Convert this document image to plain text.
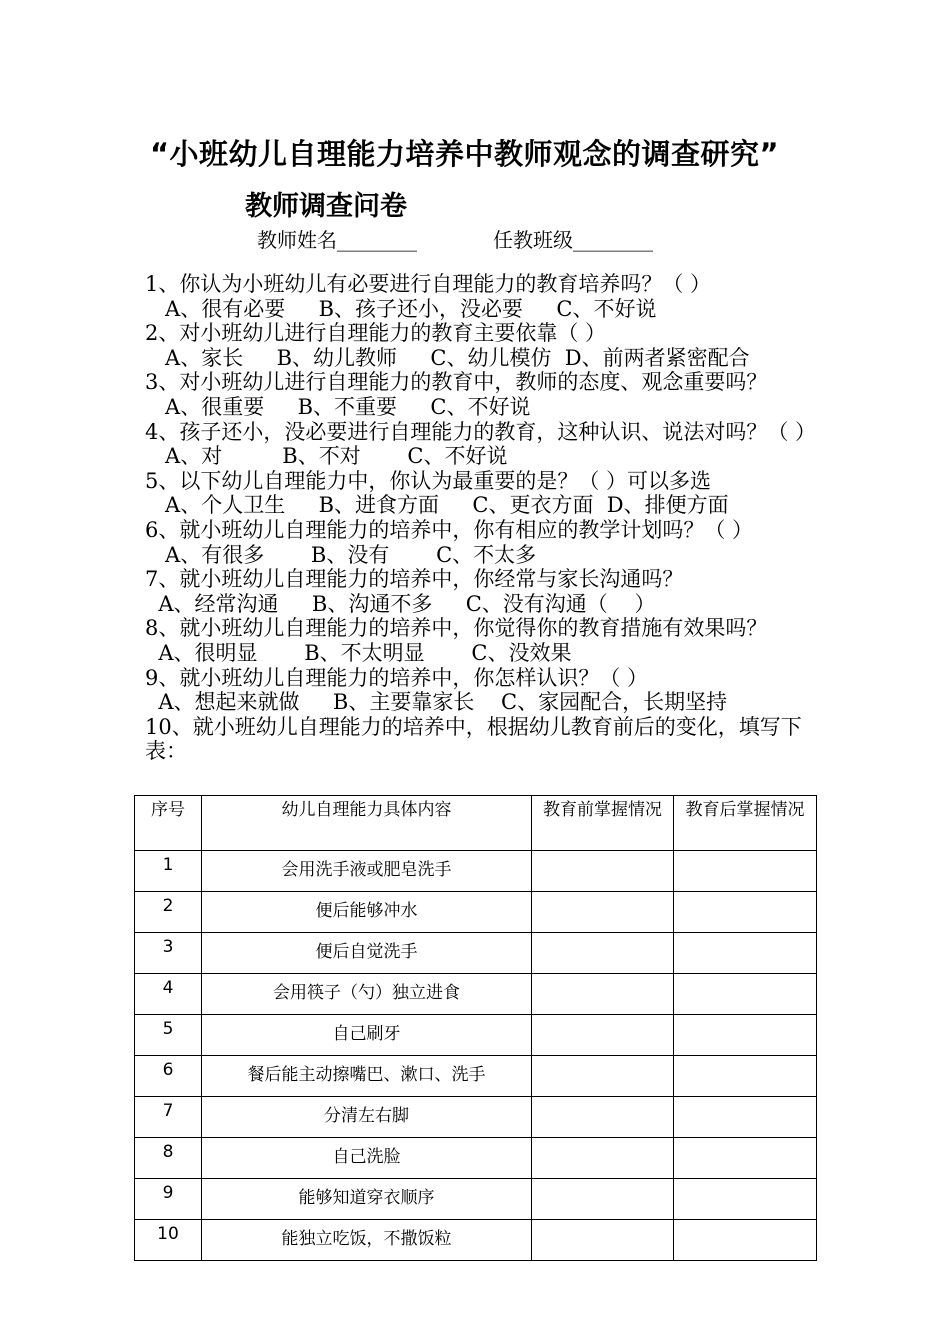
“小班幼儿自理能力培养中教师观念的调查研究”
教师调查问卷
教师姓名________	任教班级________
1、你认为小班幼儿有必要进行自理能力的教育培养吗？（ ）
A、很有必要     B、孩子还小，没必要     C、不好说
2、对小班幼儿进行自理能力的教育主要依靠（ ）
A、家长     B、幼儿教师     C、幼儿模仿  D、前两者紧密配合
3、对小班幼儿进行自理能力的教育中，教师的态度、观念重要吗？
A、很重要     B、不重要     C、不好说
4、孩子还小，没必要进行自理能力的教育，这种认识、说法对吗？（ ）
A、对         B、不对       C、不好说
5、以下幼儿自理能力中，你认为最重要的是？（ ）可以多选
A、个人卫生     B、进食方面     C、更衣方面  D、排便方面
6、就小班幼儿自理能力的培养中，你有相应的教学计划吗？（ ）
A、有很多       B、没有       C、不太多
7、就小班幼儿自理能力的培养中，你经常与家长沟通吗？
A、经常沟通     B、沟通不多     C、没有沟通（    ）
8、就小班幼儿自理能力的培养中，你觉得你的教育措施有效果吗？
A、很明显       B、不太明显       C、没效果
9、就小班幼儿自理能力的培养中，你怎样认识？（ ）
A、想起来就做     B、主要靠家长    C、家园配合，长期坚持
10、就小班幼儿自理能力的培养中，根据幼儿教育前后的变化，填写下表：
序号	幼儿自理能力具体内容	教育前掌握情况	教育后掌握情况
1	会用洗手液或肥皂洗手		
2	便后能够冲水		
3	便后自觉洗手		
4	会用筷子（勺）独立进食		
5	自己刷牙		
6	餐后能主动擦嘴巴、漱口、洗手		
7	分清左右脚		
8	自己洗脸		
9	能够知道穿衣顺序		
10	能独立吃饭，不撒饭粒		
